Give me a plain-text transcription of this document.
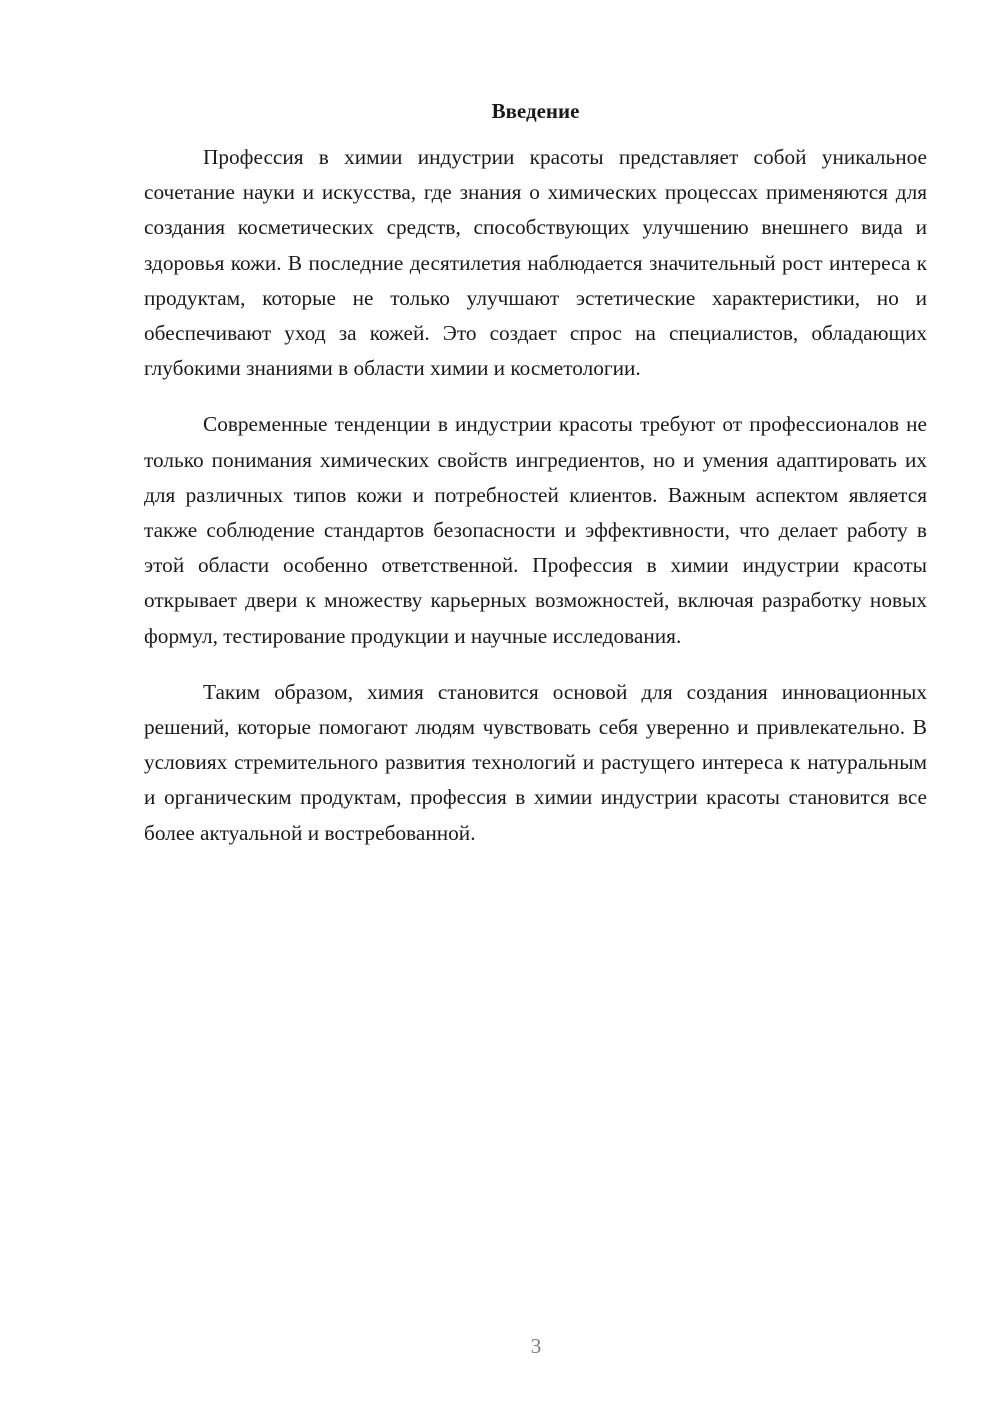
Введение

Профессия в химии индустрии красоты представляет собой уникальное сочетание науки и искусства, где знания о химических процессах применяются для создания косметических средств, способствующих улучшению внешнего вида и здоровья кожи. В последние десятилетия наблюдается значительный рост интереса к продуктам, которые не только улучшают эстетические характеристики, но и обеспечивают уход за кожей. Это создает спрос на специалистов, обладающих глубокими знаниями в области химии и косметологии.

Современные тенденции в индустрии красоты требуют от профессионалов не только понимания химических свойств ингредиентов, но и умения адаптировать их для различных типов кожи и потребностей клиентов. Важным аспектом является также соблюдение стандартов безопасности и эффективности, что делает работу в этой области особенно ответственной. Профессия в химии индустрии красоты открывает двери к множеству карьерных возможностей, включая разработку новых формул, тестирование продукции и научные исследования.

Таким образом, химия становится основой для создания инновационных решений, которые помогают людям чувствовать себя уверенно и привлекательно. В условиях стремительного развития технологий и растущего интереса к натуральным и органическим продуктам, профессия в химии индустрии красоты становится все более актуальной и востребованной.

3
